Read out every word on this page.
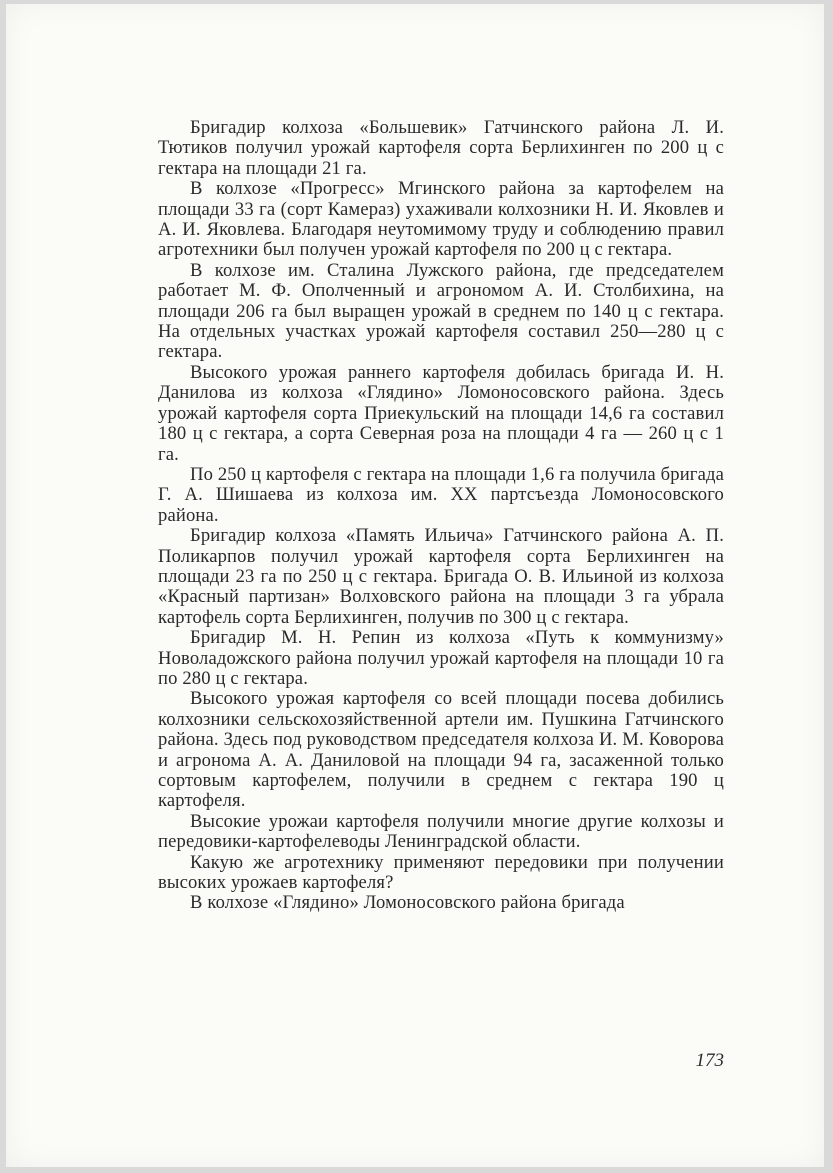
Бригадир колхоза «Большевик» Гатчинского района Л. И. Тютиков получил урожай картофеля сорта Берлихинген по 200 ц с гектара на площади 21 га.

В колхозе «Прогресс» Мгинского района за картофелем на площади 33 га (сорт Камераз) ухаживали колхозники Н. И. Яковлев и А. И. Яковлева. Благодаря неутомимому труду и соблюдению правил агротехники был получен урожай картофеля по 200 ц с гектара.

В колхозе им. Сталина Лужского района, где председателем работает М. Ф. Ополченный и агрономом А. И. Столбихина, на площади 206 га был выращен урожай в среднем по 140 ц с гектара. На отдельных участках урожай картофеля составил 250—280 ц с гектара.

Высокого урожая раннего картофеля добилась бригада И. Н. Данилова из колхоза «Глядино» Ломоносовского района. Здесь урожай картофеля сорта Приекульский на площади 14,6 га составил 180 ц с гектара, а сорта Северная роза на площади 4 га — 260 ц с 1 га.

По 250 ц картофеля с гектара на площади 1,6 га получила бригада Г. А. Шишаева из колхоза им. XX партсъезда Ломоносовского района.

Бригадир колхоза «Память Ильича» Гатчинского района А. П. Поликарпов получил урожай картофеля сорта Берлихинген на площади 23 га по 250 ц с гектара. Бригада О. В. Ильиной из колхоза «Красный партизан» Волховского района на площади 3 га убрала картофель сорта Берлихинген, получив по 300 ц с гектара.

Бригадир М. Н. Репин из колхоза «Путь к коммунизму» Новоладожского района получил урожай картофеля на площади 10 га по 280 ц с гектара.

Высокого урожая картофеля со всей площади посева добились колхозники сельскохозяйственной артели им. Пушкина Гатчинского района. Здесь под руководством председателя колхоза И. М. Коворова и агронома А. А. Даниловой на площади 94 га, засаженной только сортовым картофелем, получили в среднем с гектара 190 ц картофеля.

Высокие урожаи картофеля получили многие другие колхозы и передовики-картофелеводы Ленинградской области.

Какую же агротехнику применяют передовики при получении высоких урожаев картофеля?

В колхозе «Глядино» Ломоносовского района бригада

173
